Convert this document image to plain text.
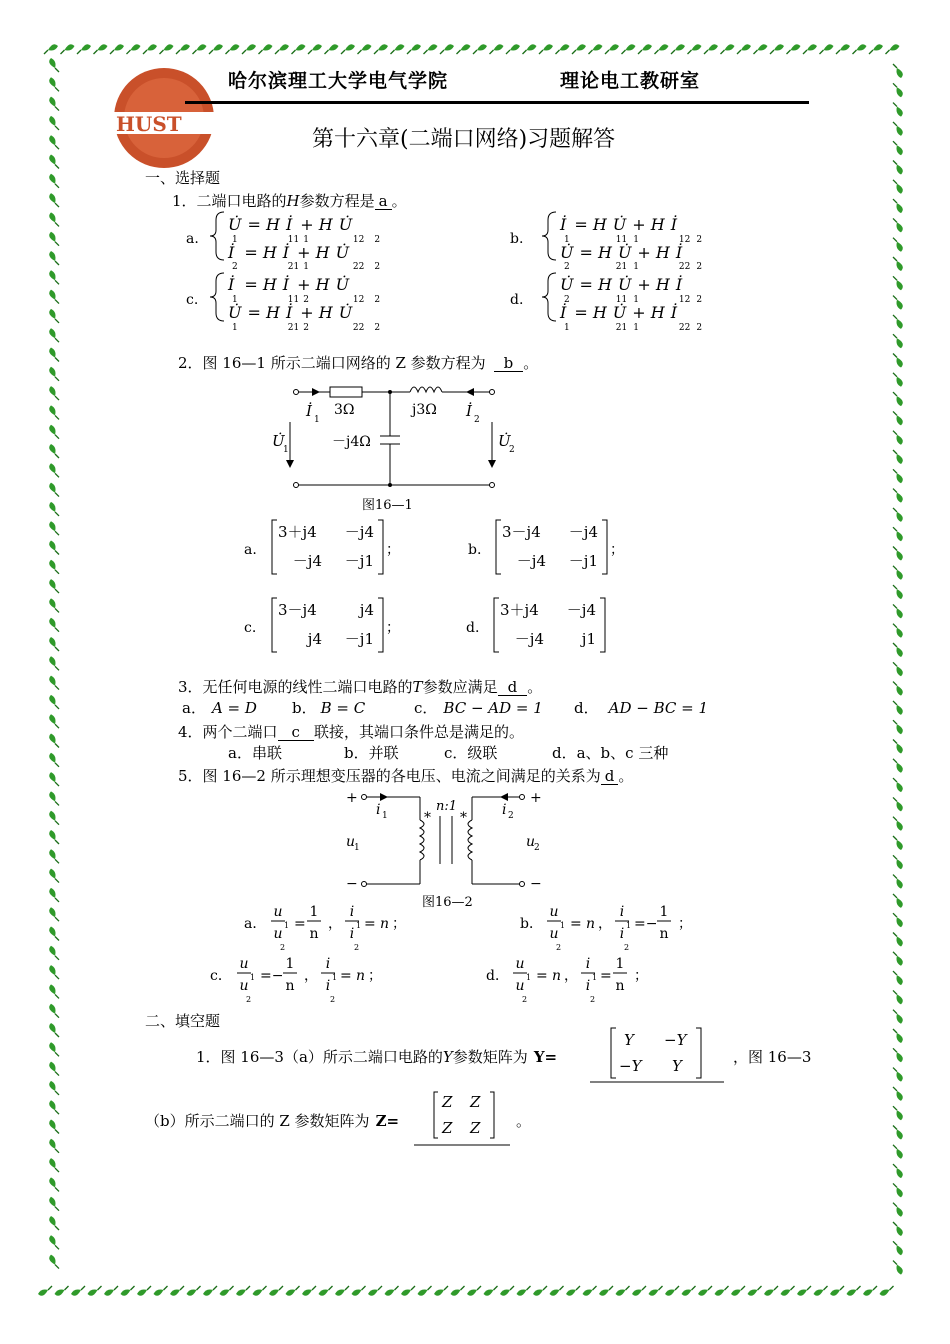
HUST
哈尔滨理工大学电气学院	理论电工教研室
第十六章(二端口网络)习题解答
一、选择题
1．二端口电路的H参数方程是 a 。
a.
U̇ = H İ + H U̇
1	11 1	12 2
İ = H İ + H U̇
2	21 1	22 2
b.
İ = H U̇ + H İ
1	11 1	12 2
U̇ = H U̇ + H İ
2	21 1	22 2
c.
İ = H İ + H U̇
1	11 2	12 2
U̇ = H İ + H U̇
1	21 2	22 2
d.
U̇ = H U̇ + H İ
2	11 1	12 2
İ = H U̇ + H İ
1	21 1	22 2
2．图 16—1 所示二端口网络的 Z 参数方程为 b 。
3Ω	j3Ω
－j4Ω
İ 1	İ 2
U̇
1	U̇
2
图16—1
a.
3＋j4 －j4
－j4 －j1
；	b.
3－j4 －j4
－j4 －j1
；
c.
3－j4	j4
j4 －j1
；	d.
3＋j4 －j4
－j4	j1
3．无任何电源的线性二端口电路的T参数应满足 d 。
a． A = D b． B = C	c． BC − AD = 1 d． AD − BC = 1
4．两个二端口 c 联接，其端口条件总是满足的。
a．串联	b．并联	c．级联	d．a、b、c 三种
5．图 16—2 所示理想变压器的各电压、电流之间满足的关系为 d 。
+
−
+
−
i 1	i 2
u
1	u
2
n:1
* *
图16—2
a．
u
u
1
2
=
1
n
，
i
i
1
2
= n ；	b．
u
u
1
2
= n ，
i
i
1
2
=−
1
n
；
c．
u
u
1
2
=−
1
n
，
i
i
1
2
= n ；	d．
u
u
1
2
= n ，
i
i
1
2
=
1
n
；
二、填空题
1．图 16—3（a）所示二端口电路的Y参数矩阵为 Y=	，图 16—3
Y −Y
−Y Y
（b）所示二端口的 Z 参数矩阵为 Z=
Z Z
Z Z 。
